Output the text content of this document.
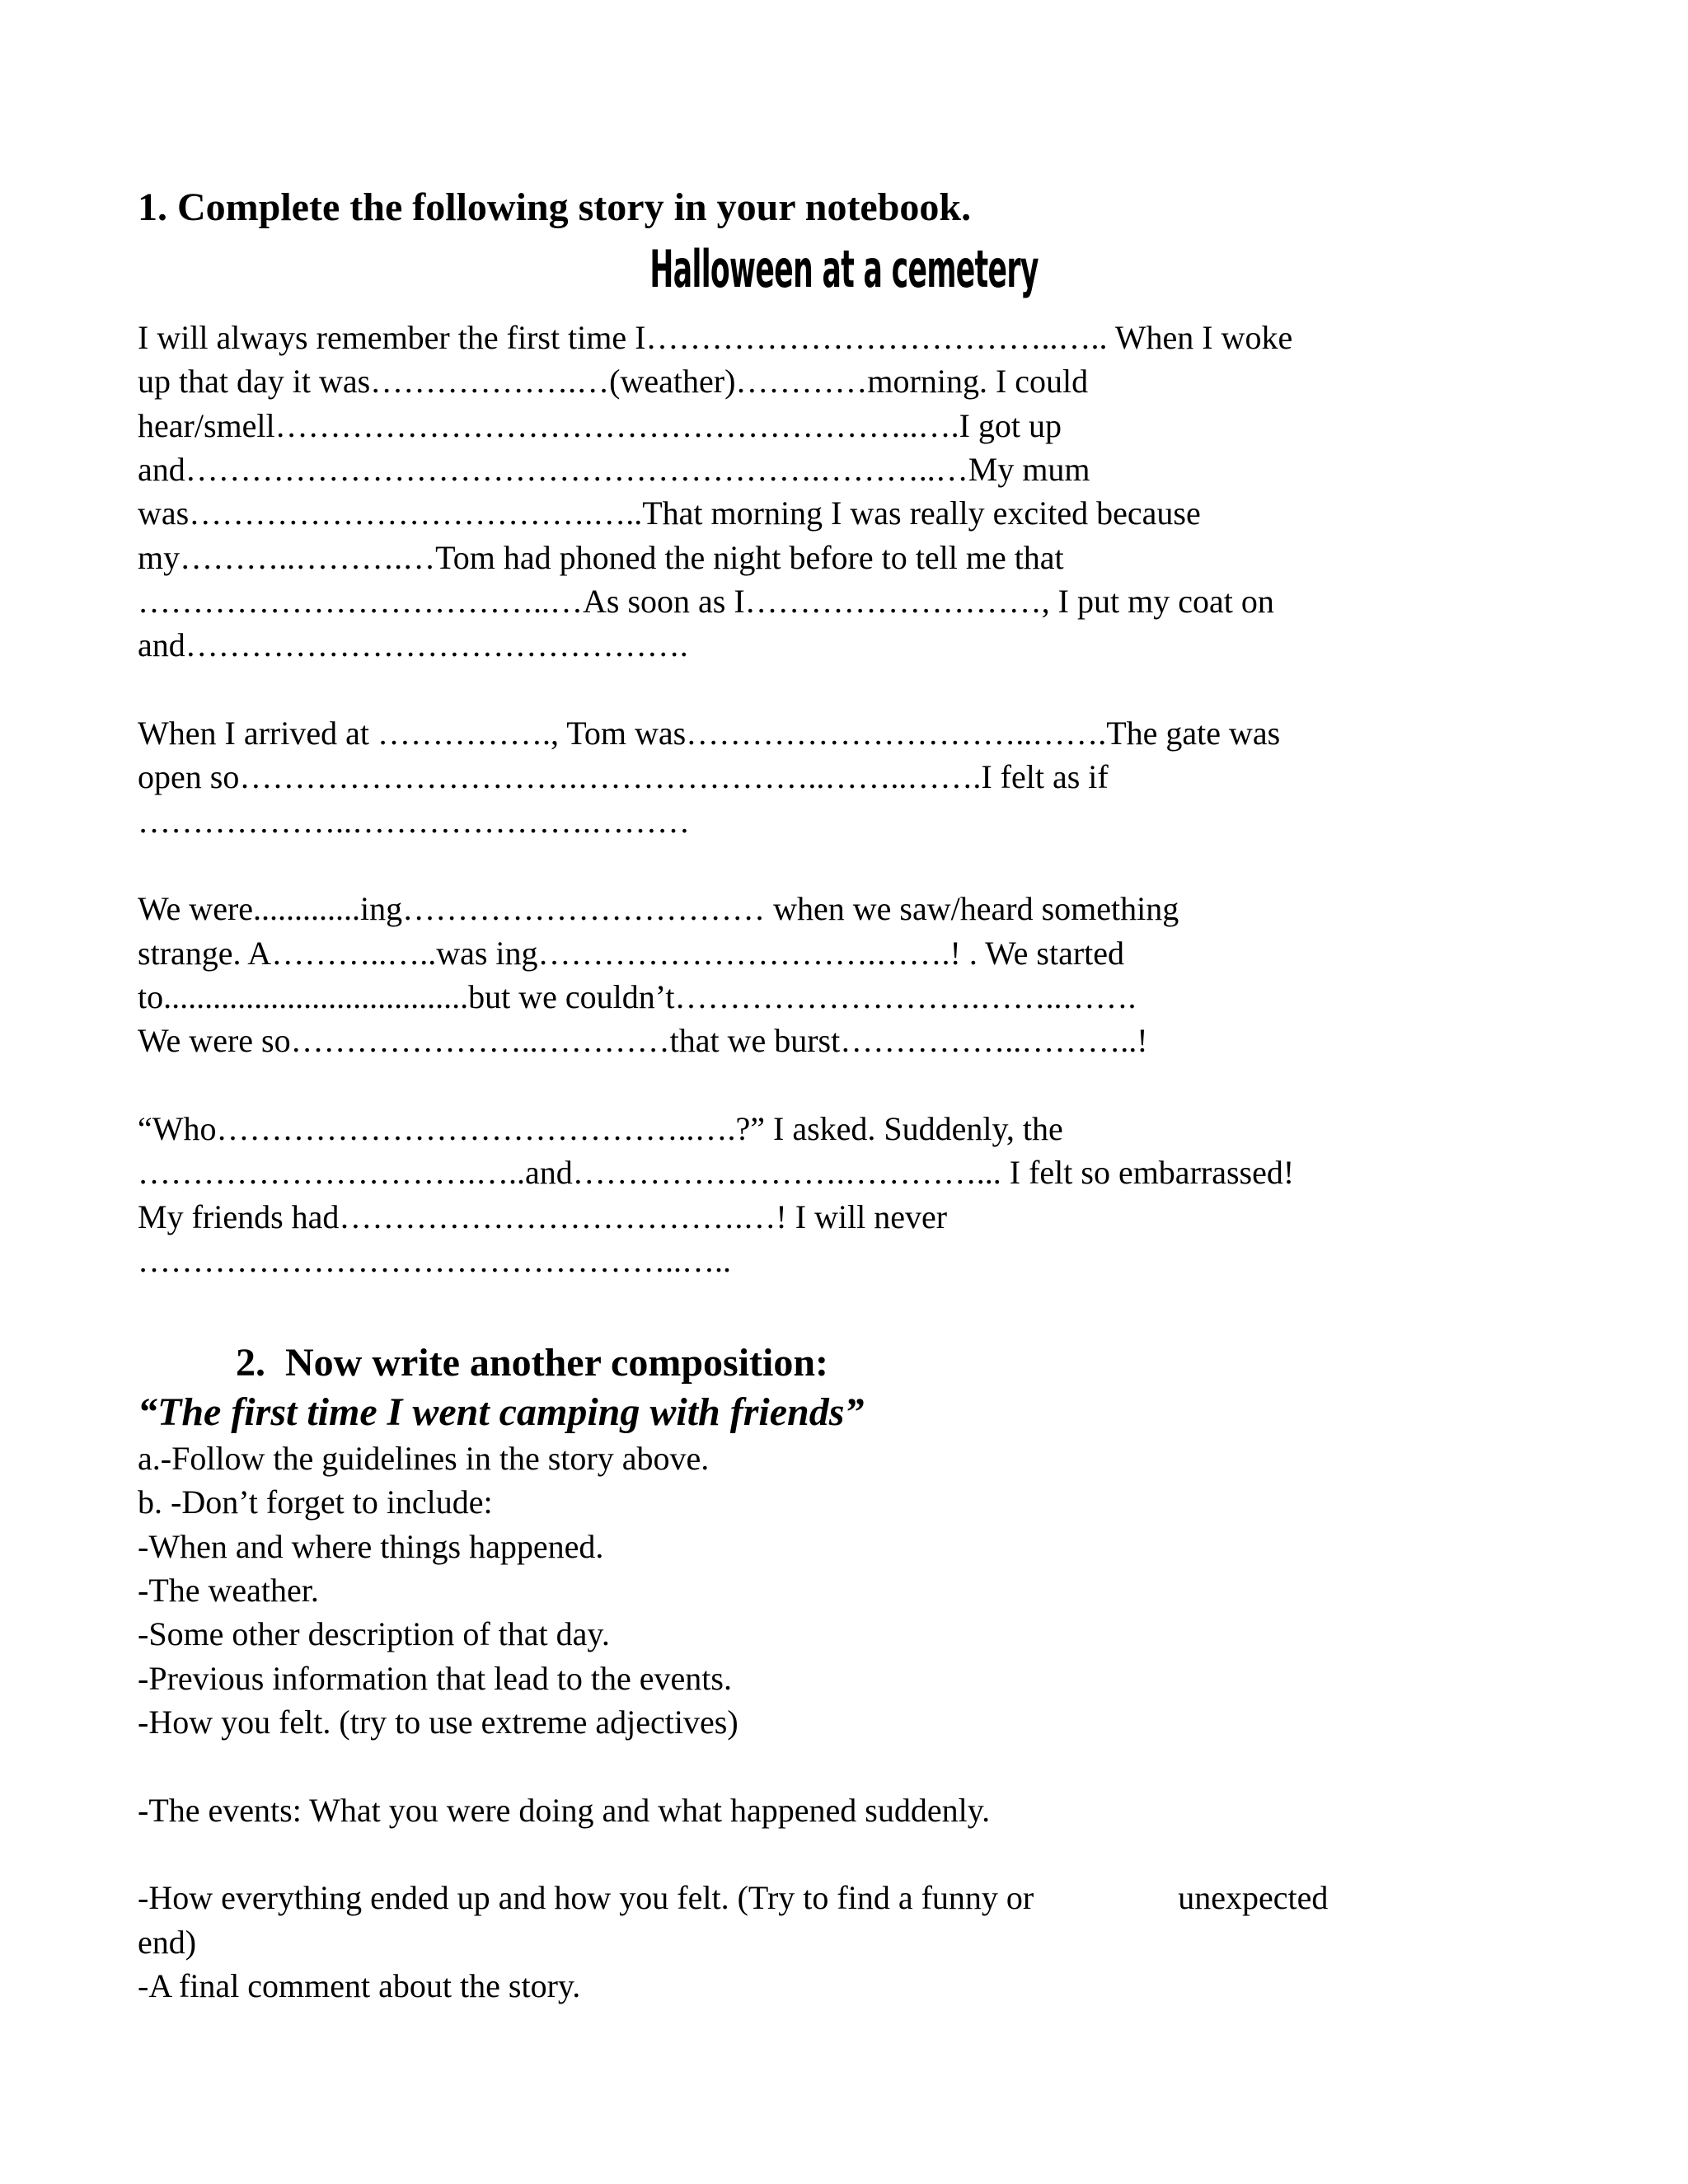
1. Complete the following story in your notebook.
Halloween at a cemetery
I will always remember the first time I………………………………..….. When I woke
up that day it was……………….…(weather)…………morning. I could
hear/smell…………………………………………………..….I got up
and………………………………………………….………..…My mum
was……………………………….…..That morning I was really excited because
my………..……….…Tom had phoned the night before to tell me that
………………………………..…As soon as I………………………, I put my coat on
and……………………………………….
When I arrived at ……………., Tom was…………………………..…….The gate was
open so………………………….…………………..……..…….I felt as if
………………..………………….………
We were.............ing…………………………… when we saw/heard something
strange. A………..…..was ing………………………….…….! . We started
to.....................................but we couldn’t……………………….……..…….
We were so…………………..…………that we burst……………..………..!
“Who……………………………………..….?” I asked. Suddenly, the
………………………….…..and…………………….…………... I felt so embarrassed!
My friends had……………………………….…! I will never
…………………………………………..…..
2. Now write another composition:
“The first time I went camping with friends”
a.-Follow the guidelines in the story above.
b. -Don’t forget to include:
-When and where things happened.
-The weather.
-Some other description of that day.
-Previous information that lead to the events.
-How you felt. (try to use extreme adjectives)
-The events: What you were doing and what happened suddenly.
-How everything ended up and how you felt. (Try to find a funny or	unexpected
end)
-A final comment about the story.
